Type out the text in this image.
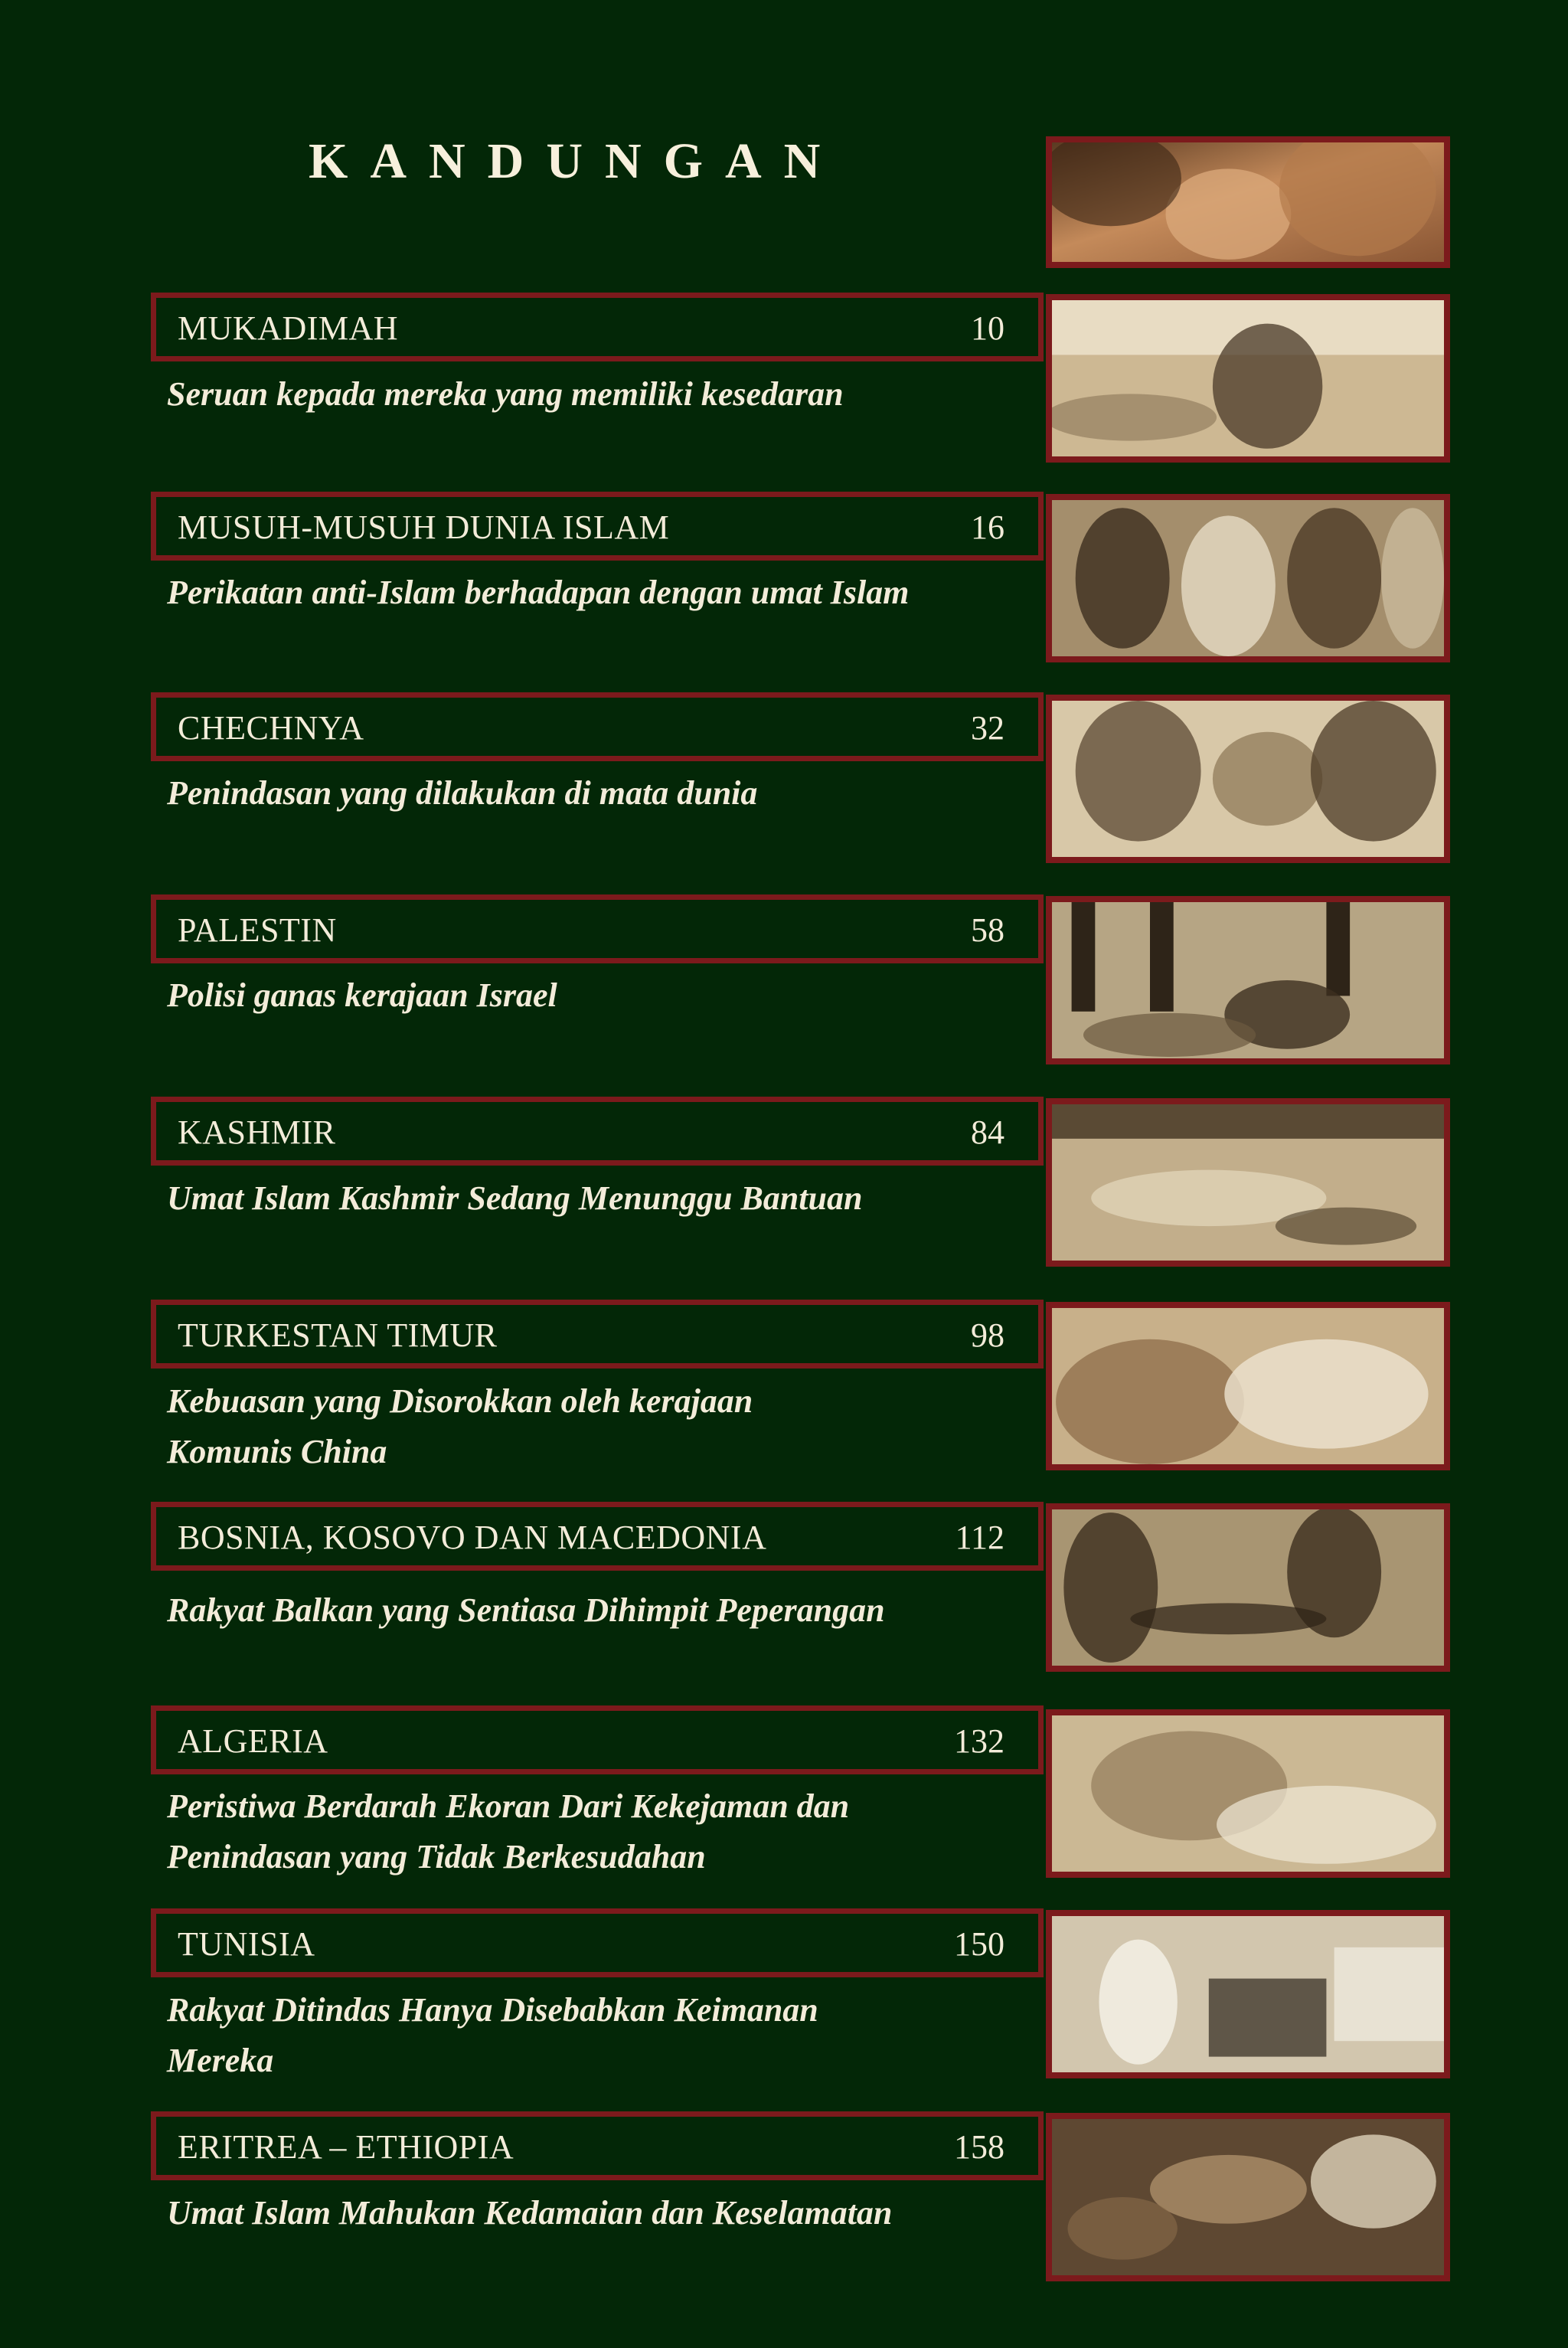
KANDUNGAN
MUKADIMAH	10
Seruan kepada mereka yang memiliki kesedaran
MUSUH-MUSUH DUNIA ISLAM	16
Perikatan anti-Islam berhadapan dengan umat Islam
CHECHNYA	32
Penindasan yang dilakukan di mata dunia
PALESTIN	58
Polisi ganas kerajaan Israel
KASHMIR	84
Umat Islam Kashmir Sedang Menunggu Bantuan
TURKESTAN TIMUR	98
Kebuasan yang Disorokkan oleh kerajaan Komunis China
BOSNIA, KOSOVO DAN MACEDONIA	112
Rakyat Balkan yang Sentiasa Dihimpit Peperangan
ALGERIA	132
Peristiwa Berdarah Ekoran Dari Kekejaman dan Penindasan yang Tidak Berkesudahan
TUNISIA	150
Rakyat Ditindas Hanya Disebabkan Keimanan Mereka
ERITREA – ETHIOPIA	158
Umat Islam Mahukan Kedamaian dan Keselamatan
